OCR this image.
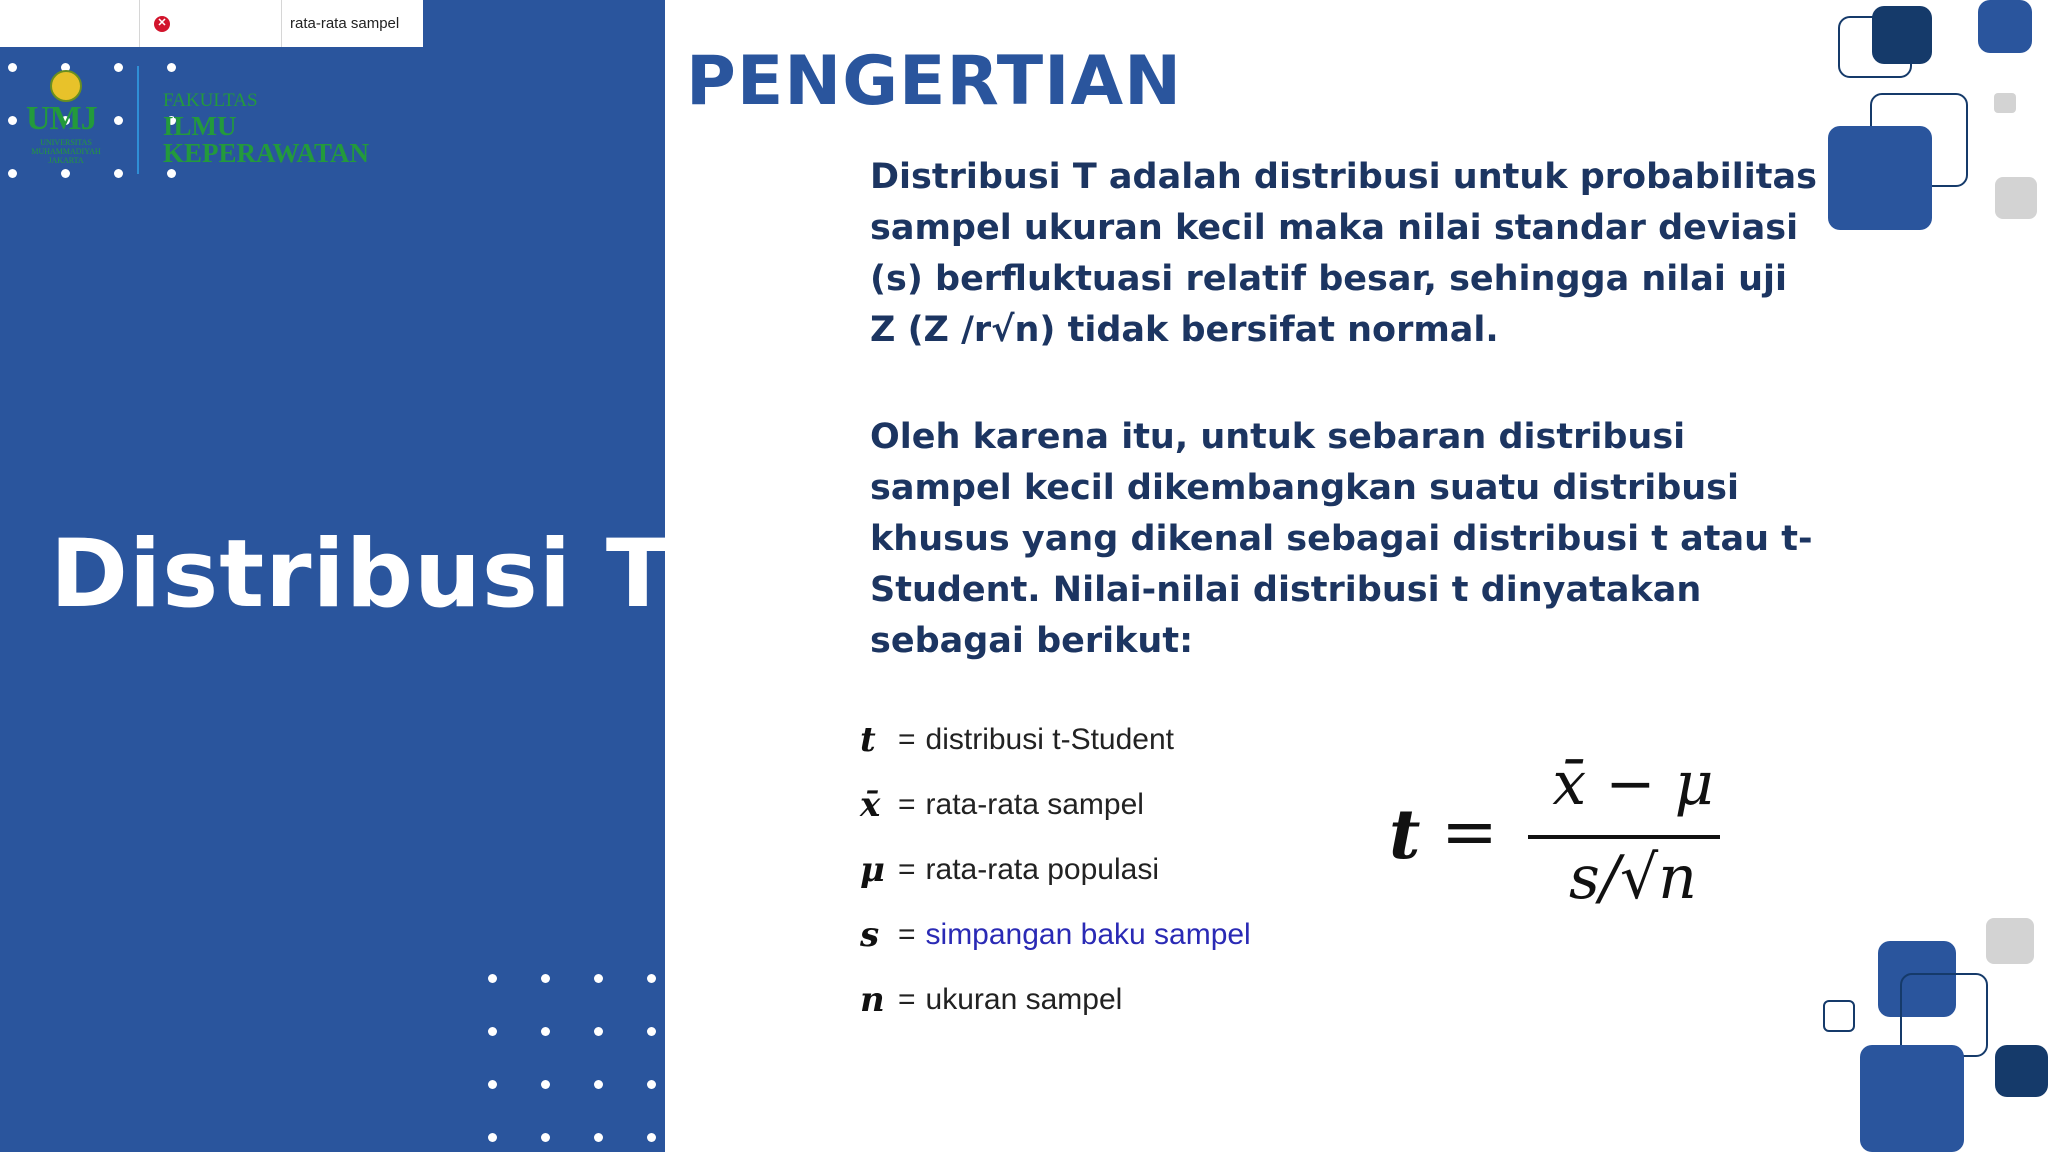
✕	rata-rata sampel
UMJ
UNIVERSITAS
MUHAMMADIYAH
JAKARTA
FAKULTAS
ILMU
KEPERAWATAN
Distribusi T
PENGERTIAN
Distribusi T adalah distribusi untuk probabilitas sampel ukuran kecil maka nilai standar deviasi (s) berfluktuasi relatif besar, sehingga nilai uji Z (Z /r√n) tidak bersifat normal.
Oleh karena itu, untuk sebaran distribusi sampel kecil dikembangkan suatu distribusi khusus yang dikenal sebagai distribusi t atau t-Student. Nilai-nilai distribusi t dinyatakan sebagai berikut:
t = distribusi t-Student
x̄ = rata-rata sampel
μ = rata-rata populasi
s = simpangan baku sampel
n = ukuran sampel
t =
x̄ − μ
s/√n
